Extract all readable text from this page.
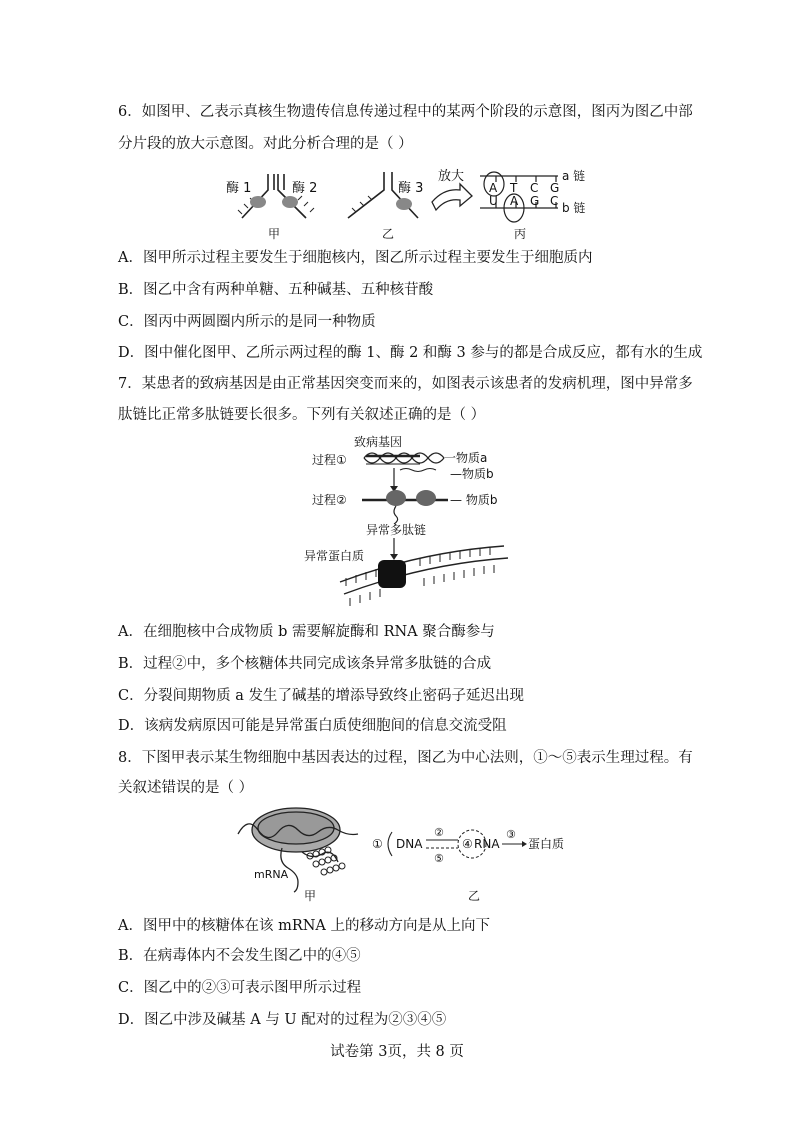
6．如图甲、乙表示真核生物遗传信息传递过程中的某两个阶段的示意图，图丙为图乙中部
分片段的放大示意图。对此分析合理的是（ ）
酶 1	酶 2
甲
酶 3
乙
放大
A T C G
U A G C
a 链
b 链
丙
A．图甲所示过程主要发生于细胞核内，图乙所示过程主要发生于细胞质内
B．图乙中含有两种单糖、五种碱基、五种核苷酸
C．图丙中两圆圈内所示的是同一种物质
D．图中催化图甲、乙所示两过程的酶 1、酶 2 和酶 3 参与的都是合成反应，都有水的生成
7．某患者的致病基因是由正常基因突变而来的，如图表示该患者的发病机理，图中异常多
肽链比正常多肽链要长很多。下列有关叙述正确的是（ ）
致病基因
过程①	一物质a
—物质b
过程②	— 物质b
异常多肽链
异常蛋白质
A．在细胞核中合成物质 b 需要解旋酶和 RNA 聚合酶参与
B．过程②中，多个核糖体共同完成该条异常多肽链的合成
C．分裂间期物质 a 发生了碱基的增添导致终止密码子延迟出现
D．该病发病原因可能是异常蛋白质使细胞间的信息交流受阻
8．下图甲表示某生物细胞中基因表达的过程，图乙为中心法则，①～⑤表示生理过程。有
关叙述错误的是（ ）
mRNA
甲
① DNA
②
⑤
④ RNA
③
蛋白质
乙
A．图甲中的核糖体在该 mRNA 上的移动方向是从上向下
B．在病毒体内不会发生图乙中的④⑤
C．图乙中的②③可表示图甲所示过程
D．图乙中涉及碱基 A 与 U 配对的过程为②③④⑤
试卷第 3页，共 8 页
